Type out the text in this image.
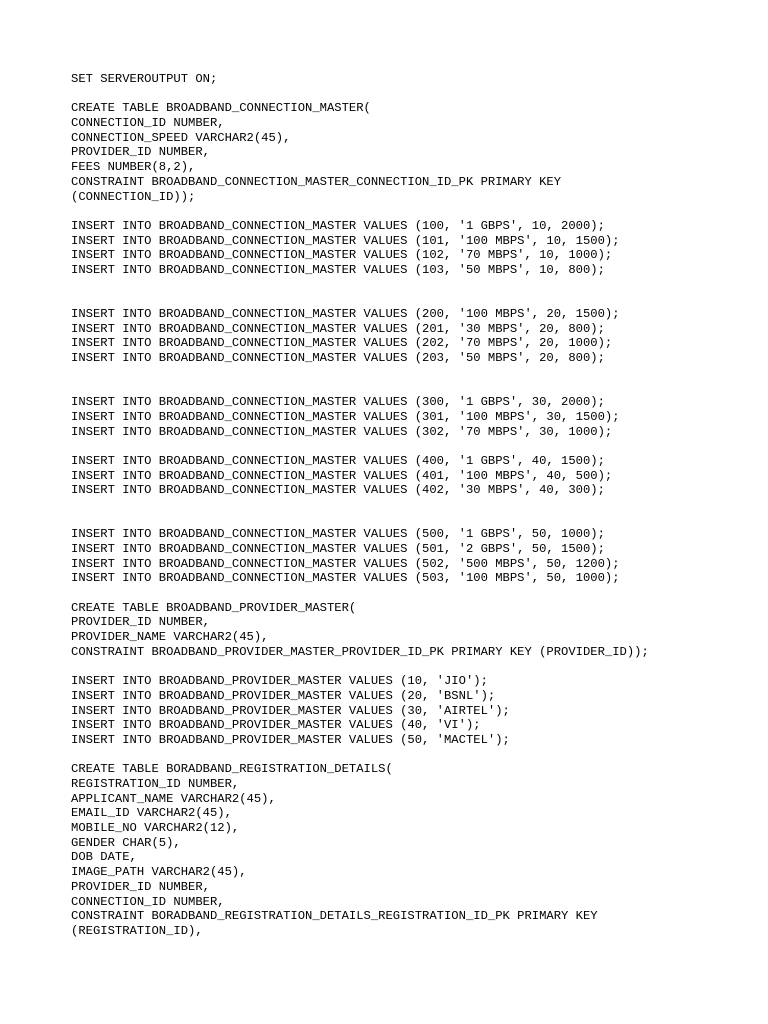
SET SERVEROUTPUT ON;
CREATE TABLE BROADBAND_CONNECTION_MASTER(
CONNECTION_ID NUMBER,
CONNECTION_SPEED VARCHAR2(45),
PROVIDER_ID NUMBER,
FEES NUMBER(8,2),
CONSTRAINT BROADBAND_CONNECTION_MASTER_CONNECTION_ID_PK PRIMARY KEY
(CONNECTION_ID));
INSERT INTO BROADBAND_CONNECTION_MASTER VALUES (100, '1 GBPS', 10, 2000);
INSERT INTO BROADBAND_CONNECTION_MASTER VALUES (101, '100 MBPS', 10, 1500);
INSERT INTO BROADBAND_CONNECTION_MASTER VALUES (102, '70 MBPS', 10, 1000);
INSERT INTO BROADBAND_CONNECTION_MASTER VALUES (103, '50 MBPS', 10, 800);
INSERT INTO BROADBAND_CONNECTION_MASTER VALUES (200, '100 MBPS', 20, 1500);
INSERT INTO BROADBAND_CONNECTION_MASTER VALUES (201, '30 MBPS', 20, 800);
INSERT INTO BROADBAND_CONNECTION_MASTER VALUES (202, '70 MBPS', 20, 1000);
INSERT INTO BROADBAND_CONNECTION_MASTER VALUES (203, '50 MBPS', 20, 800);
INSERT INTO BROADBAND_CONNECTION_MASTER VALUES (300, '1 GBPS', 30, 2000);
INSERT INTO BROADBAND_CONNECTION_MASTER VALUES (301, '100 MBPS', 30, 1500);
INSERT INTO BROADBAND_CONNECTION_MASTER VALUES (302, '70 MBPS', 30, 1000);
INSERT INTO BROADBAND_CONNECTION_MASTER VALUES (400, '1 GBPS', 40, 1500);
INSERT INTO BROADBAND_CONNECTION_MASTER VALUES (401, '100 MBPS', 40, 500);
INSERT INTO BROADBAND_CONNECTION_MASTER VALUES (402, '30 MBPS', 40, 300);
INSERT INTO BROADBAND_CONNECTION_MASTER VALUES (500, '1 GBPS', 50, 1000);
INSERT INTO BROADBAND_CONNECTION_MASTER VALUES (501, '2 GBPS', 50, 1500);
INSERT INTO BROADBAND_CONNECTION_MASTER VALUES (502, '500 MBPS', 50, 1200);
INSERT INTO BROADBAND_CONNECTION_MASTER VALUES (503, '100 MBPS', 50, 1000);
CREATE TABLE BROADBAND_PROVIDER_MASTER(
PROVIDER_ID NUMBER,
PROVIDER_NAME VARCHAR2(45),
CONSTRAINT BROADBAND_PROVIDER_MASTER_PROVIDER_ID_PK PRIMARY KEY (PROVIDER_ID));
INSERT INTO BROADBAND_PROVIDER_MASTER VALUES (10, 'JIO');
INSERT INTO BROADBAND_PROVIDER_MASTER VALUES (20, 'BSNL');
INSERT INTO BROADBAND_PROVIDER_MASTER VALUES (30, 'AIRTEL');
INSERT INTO BROADBAND_PROVIDER_MASTER VALUES (40, 'VI');
INSERT INTO BROADBAND_PROVIDER_MASTER VALUES (50, 'MACTEL');
CREATE TABLE BORADBAND_REGISTRATION_DETAILS(
REGISTRATION_ID NUMBER,
APPLICANT_NAME VARCHAR2(45),
EMAIL_ID VARCHAR2(45),
MOBILE_NO VARCHAR2(12),
GENDER CHAR(5),
DOB DATE,
IMAGE_PATH VARCHAR2(45),
PROVIDER_ID NUMBER,
CONNECTION_ID NUMBER,
CONSTRAINT BORADBAND_REGISTRATION_DETAILS_REGISTRATION_ID_PK PRIMARY KEY
(REGISTRATION_ID),
